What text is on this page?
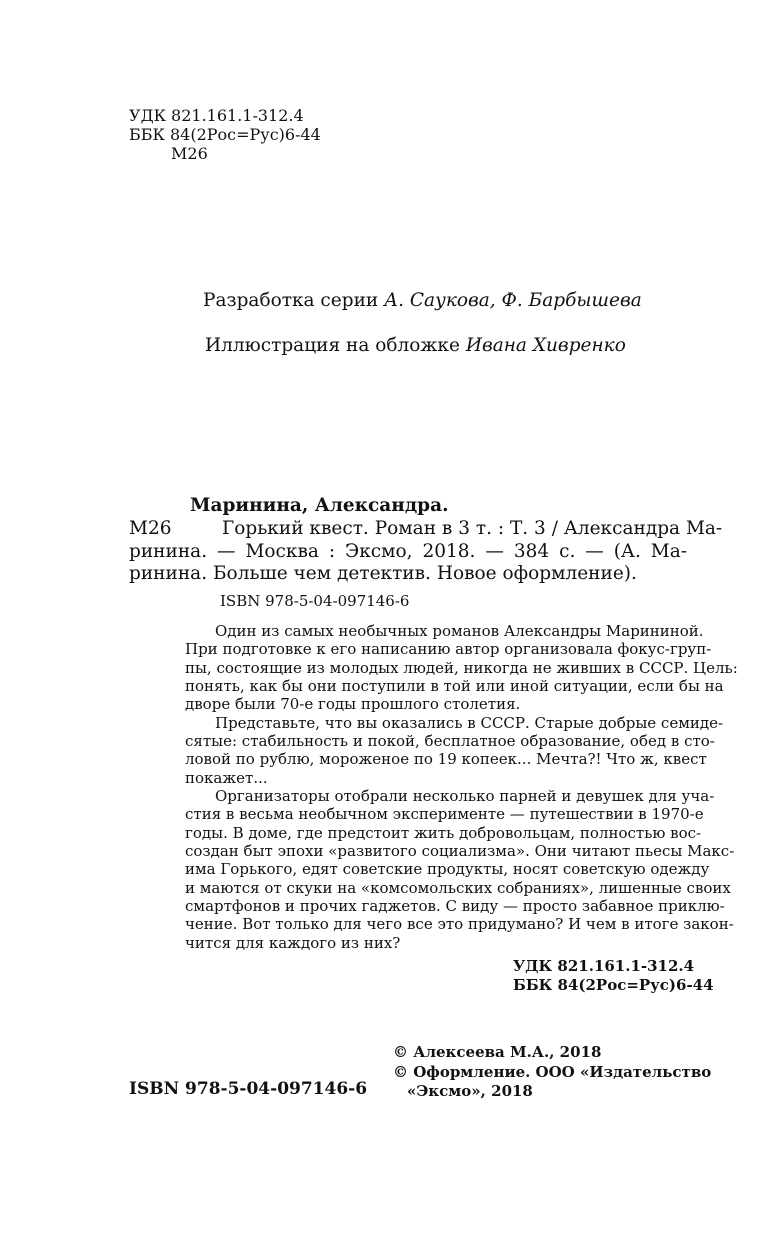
УДК 821.161.1-312.4
ББК 84(2Рос=Рус)6-44
М26
Разработка серии А. Саукова, Ф. Барбышева
Иллюстрация на обложке Ивана Хивренко
Маринина, Александра.
М26	Горький квест. Роман в 3 т. : Т. 3 / Александра Ма-
ринина. — Москва : Эксмо, 2018. — 384 с. — (А. Ма-
ринина. Больше чем детектив. Новое оформление).
ISBN 978-5-04-097146-6
Один из самых необычных романов Александры Марининой.
При подготовке к его написанию автор организовала фокус-груп-
пы, состоящие из молодых людей, никогда не живших в СССР. Цель:
понять, как бы они поступили в той или иной ситуации, если бы на
дворе были 70-е годы прошлого столетия.
Представьте, что вы оказались в СССР. Старые добрые семиде-
сятые: стабильность и покой, бесплатное образование, обед в сто-
ловой по рублю, мороженое по 19 копеек... Мечта?! Что ж, квест
покажет...
Организаторы отобрали несколько парней и девушек для уча-
стия в весьма необычном эксперименте — путешествии в 1970-е
годы. В доме, где предстоит жить добровольцам, полностью вос-
создан быт эпохи «развитого социализма». Они читают пьесы Макс-
има Горького, едят советские продукты, носят советскую одежду
и маются от скуки на «комсомольских собраниях», лишенные своих
смартфонов и прочих гаджетов. С виду — просто забавное приклю-
чение. Вот только для чего все это придумано? И чем в итоге закон-
чится для каждого из них?
УДК 821.161.1-312.4
ББК 84(2Рос=Рус)6-44
© Алексеева М.А., 2018
© Оформление. ООО «Издательство
«Эксмо», 2018
ISBN 978-5-04-097146-6
